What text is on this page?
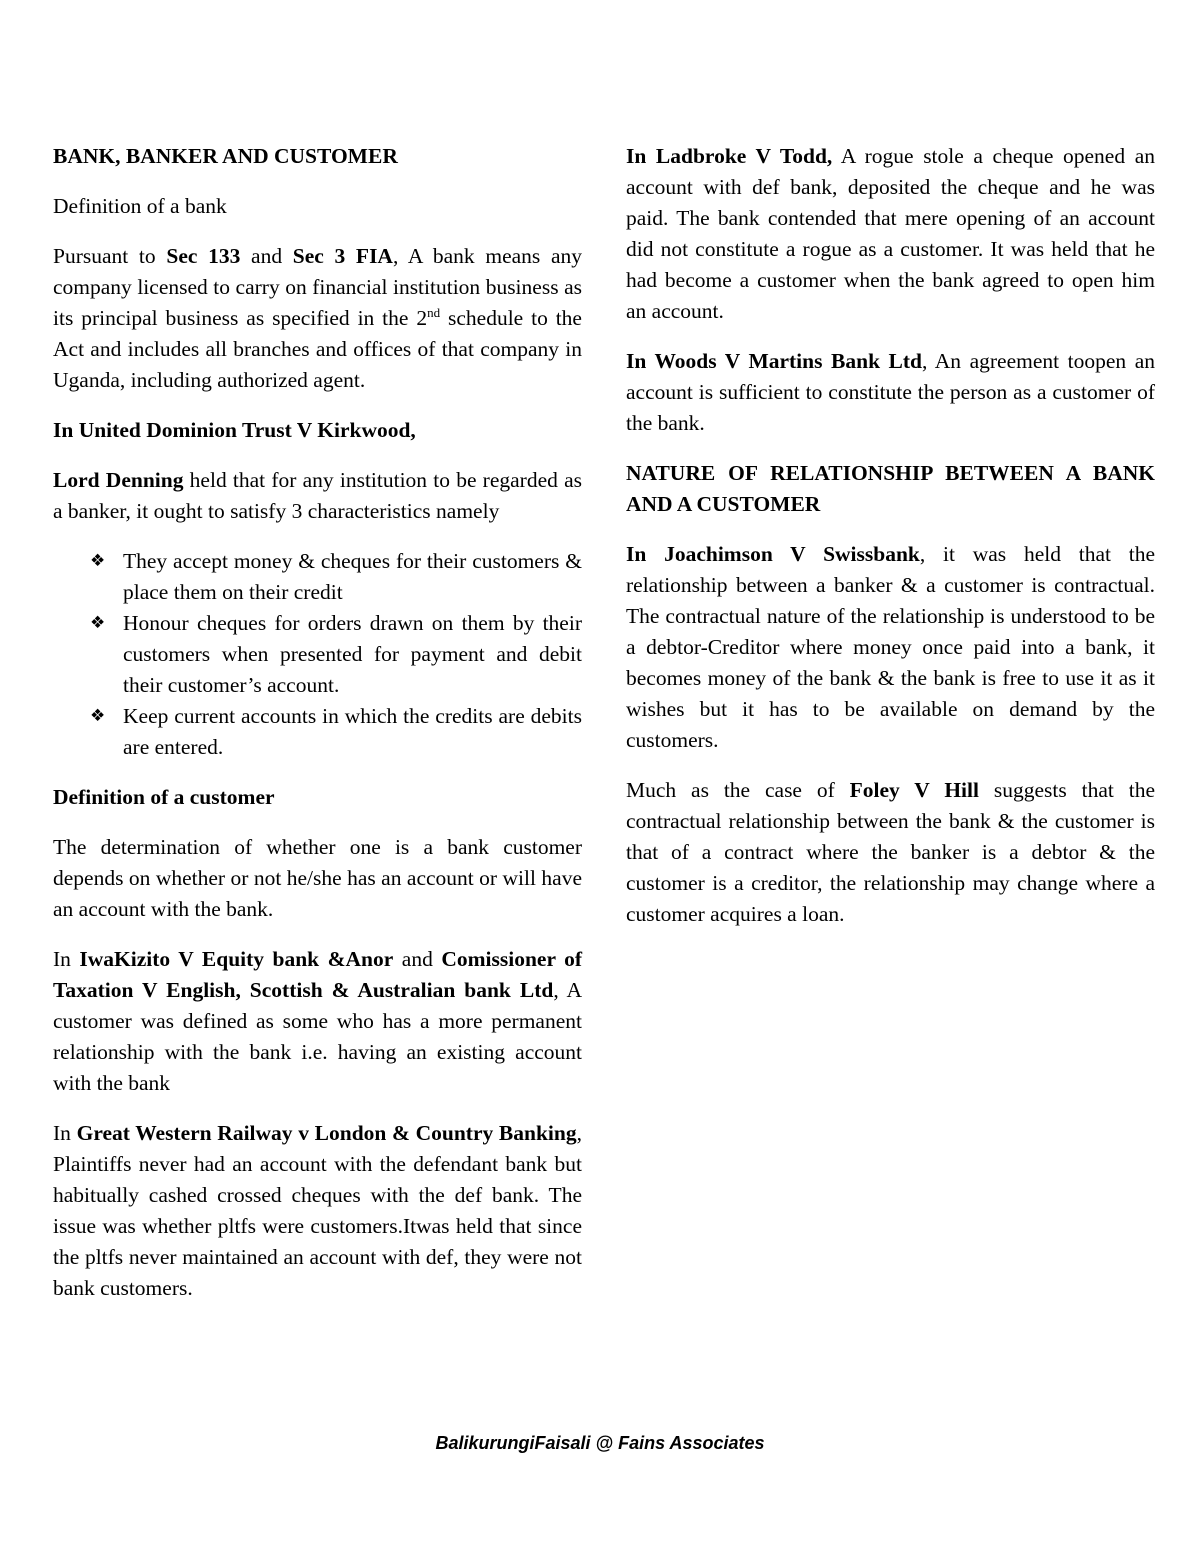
BANK, BANKER AND CUSTOMER

Definition of a bank

Pursuant to Sec 133 and Sec 3 FIA, A bank means any company licensed to carry on financial institution business as its principal business as specified in the 2nd schedule to the Act and includes all branches and offices of that company in Uganda, including authorized agent.

In United Dominion Trust V Kirkwood,

Lord Denning held that for any institution to be regarded as a banker, it ought to satisfy 3 characteristics namely

❖ They accept money & cheques for their customers & place them on their credit
❖ Honour cheques for orders drawn on them by their customers when presented for payment and debit their customer’s account.
❖ Keep current accounts in which the credits are debits are entered.

Definition of a customer

The determination of whether one is a bank customer depends on whether or not he/she has an account or will have an account with the bank.

In IwaKizito V Equity bank &Anor and Comissioner of Taxation V English, Scottish & Australian bank Ltd, A customer was defined as some who has a more permanent relationship with the bank i.e. having an existing account with the bank

In Great Western Railway v London & Country Banking, Plaintiffs never had an account with the defendant bank but habitually cashed crossed cheques with the def bank. The issue was whether pltfs were customers.Itwas held that since the pltfs never maintained an account with def, they were not bank customers.

In Ladbroke V Todd, A rogue stole a cheque opened an account with def bank, deposited the cheque and he was paid. The bank contended that mere opening of an account did not constitute a rogue as a customer. It was held that he had become a customer when the bank agreed to open him an account.

In Woods V Martins Bank Ltd, An agreement toopen an account is sufficient to constitute the person as a customer of the bank.

NATURE OF RELATIONSHIP BETWEEN A BANK AND A CUSTOMER

In Joachimson V Swissbank, it was held that the relationship between a banker & a customer is contractual. The contractual nature of the relationship is understood to be a debtor-Creditor where money once paid into a bank, it becomes money of the bank & the bank is free to use it as it wishes but it has to be available on demand by the customers.

Much as the case of Foley V Hill suggests that the contractual relationship between the bank & the customer is that of a contract where the banker is a debtor & the customer is a creditor, the relationship may change where a customer acquires a loan.

BalikurungiFaisali @ Fains Associates
